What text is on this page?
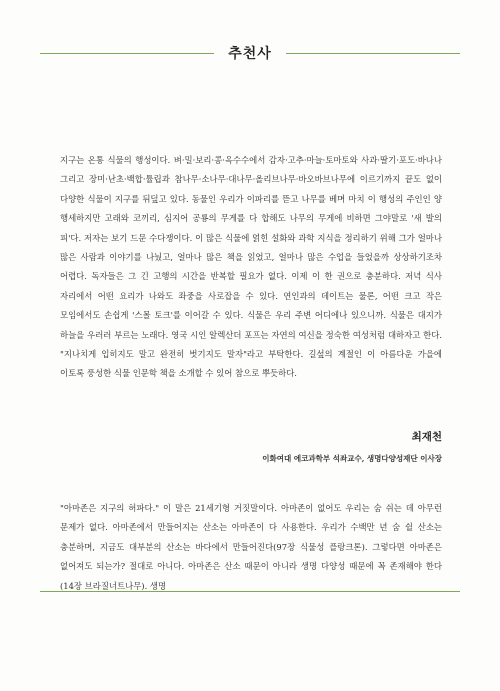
추천사

지구는 온통 식물의 행성이다. 벼·밀·보리·콩·옥수수에서 감자·고추·마늘·토마토와 사과·딸기·포도·바나나 그리고 장미·난초·백합·튤립과 참나무·소나무·대나무·올리브나무·바오바브나무에 이르기까지 끝도 없이 다양한 식물이 지구를 뒤덮고 있다. 동물인 우리가 이파리를 뜯고 나무를 베며 마치 이 행성의 주인인 양 행세하지만 고래와 코끼리, 심지어 공룡의 무게를 다 합해도 나무의 무게에 비하면 그야말로 '새 발의 피'다. 저자는 보기 드문 수다쟁이다. 이 많은 식물에 얽힌 설화와 과학 지식을 정리하기 위해 그가 얼마나 많은 사람과 이야기를 나눴고, 얼마나 많은 책을 읽었고, 얼마나 많은 수업을 들었을까 상상하기조차 어렵다. 독자들은 그 긴 고행의 시간을 반복할 필요가 없다. 이제 이 한 권으로 충분하다. 저녁 식사 자리에서 어떤 요리가 나와도 좌중을 사로잡을 수 있다. 연인과의 데이트는 물론, 어떤 크고 작은 모임에서도 손쉽게 '스몰 토크'를 이어갈 수 있다. 식물은 우리 주변 어디에나 있으니까. 식물은 대지가 하늘을 우러러 부르는 노래다. 영국 시인 알렉산더 포프는 자연의 여신을 정숙한 여성처럼 대하자고 한다. "지나치게 입히지도 말고 완전히 벗기지도 말자"라고 부탁한다. 길섶의 계절인 이 아름다운 가을에 이토록 풍성한 식물 인문학 책을 소개할 수 있어 참으로 뿌듯하다.

최재천
이화여대 에코과학부 석좌교수, 생명다양성재단 이사장

"아마존은 지구의 허파다." 이 말은 21세기형 거짓말이다. 아마존이 없어도 우리는 숨 쉬는 데 아무런 문제가 없다. 아마존에서 만들어지는 산소는 아마존이 다 사용한다. 우리가 수백만 년 숨 쉴 산소는 충분하며, 지금도 대부분의 산소는 바다에서 만들어진다(97장 식물성 플랑크톤). 그렇다면 아마존은 없어져도 되는가? 절대로 아니다. 아마존은 산소 때문이 아니라 생명 다양성 때문에 꼭 존재해야 한다(14장 브라질너트나무). 생명
